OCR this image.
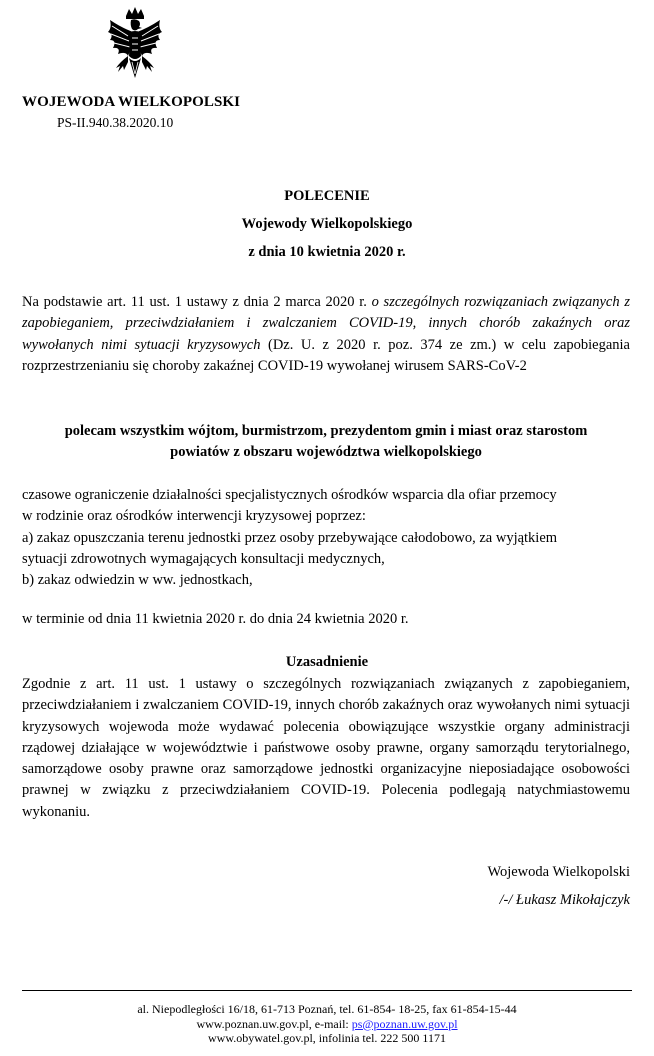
WOJEWODA WIELKOPOLSKI
PS-II.940.38.2020.10
POLECENIE
Wojewody Wielkopolskiego
z dnia 10 kwietnia 2020 r.
Na podstawie art. 11 ust. 1 ustawy z dnia 2 marca 2020 r. o szczególnych rozwiązaniach związanych z zapobieganiem, przeciwdziałaniem i zwalczaniem COVID-19, innych chorób zakaźnych oraz wywołanych nimi sytuacji kryzysowych (Dz. U. z 2020 r. poz. 374 ze zm.) w celu zapobiegania rozprzestrzenianiu się choroby zakaźnej COVID-19 wywołanej wirusem SARS-CoV-2
polecam wszystkim wójtom, burmistrzom, prezydentom gmin i miast oraz starostom
powiatów z obszaru województwa wielkopolskiego
czasowe ograniczenie działalności specjalistycznych ośrodków wsparcia dla ofiar przemocy
w rodzinie oraz ośrodków interwencji kryzysowej poprzez:
a) zakaz opuszczania terenu jednostki przez osoby przebywające całodobowo, za wyjątkiem
sytuacji zdrowotnych wymagających konsultacji medycznych,
b) zakaz odwiedzin w ww. jednostkach,
w terminie od dnia 11 kwietnia 2020 r. do dnia 24 kwietnia 2020 r.
Uzasadnienie
Zgodnie z art. 11 ust. 1 ustawy o szczególnych rozwiązaniach związanych z zapobieganiem, przeciwdziałaniem i zwalczaniem COVID-19, innych chorób zakaźnych oraz wywołanych nimi sytuacji kryzysowych wojewoda może wydawać polecenia obowiązujące wszystkie organy administracji rządowej działające w województwie i państwowe osoby prawne, organy samorządu terytorialnego, samorządowe osoby prawne oraz samorządowe jednostki organizacyjne nieposiadające osobowości prawnej w związku z przeciwdziałaniem COVID-19. Polecenia podlegają natychmiastowemu wykonaniu.
Wojewoda Wielkopolski
/-/ Łukasz Mikołajczyk
al. Niepodległości 16/18, 61-713 Poznań, tel. 61-854- 18-25, fax 61-854-15-44
www.poznan.uw.gov.pl, e-mail: ps@poznan.uw.gov.pl
www.obywatel.gov.pl, infolinia tel. 222 500 1171
